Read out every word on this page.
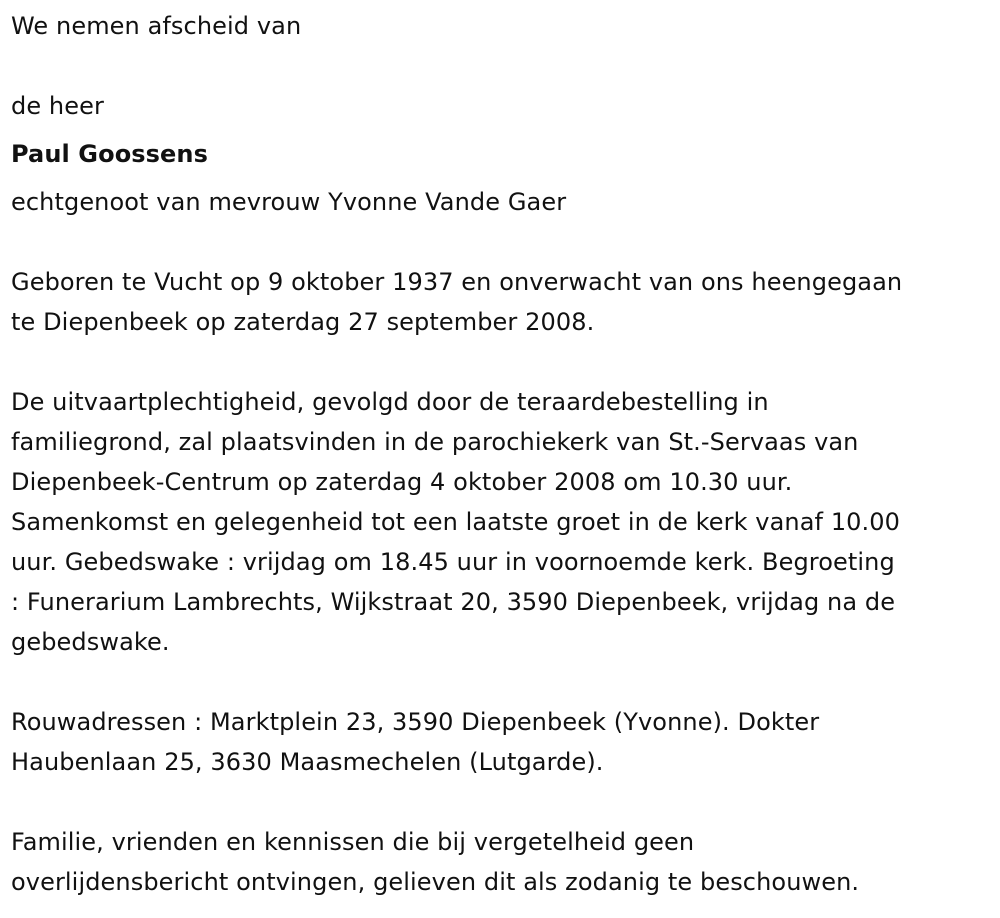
We nemen afscheid van
de heer
Paul Goossens
echtgenoot van mevrouw Yvonne Vande Gaer
Geboren te Vucht op 9 oktober 1937 en onverwacht van ons heengegaan
te Diepenbeek op zaterdag 27 september 2008.
De uitvaartplechtigheid, gevolgd door de teraardebestelling in
familiegrond, zal plaatsvinden in de parochiekerk van St.-Servaas van
Diepenbeek-Centrum op zaterdag 4 oktober 2008 om 10.30 uur.
Samenkomst en gelegenheid tot een laatste groet in de kerk vanaf 10.00
uur. Gebedswake : vrijdag om 18.45 uur in voornoemde kerk. Begroeting
: Funerarium Lambrechts, Wijkstraat 20, 3590 Diepenbeek, vrijdag na de
gebedswake.
Rouwadressen : Marktplein 23, 3590 Diepenbeek (Yvonne). Dokter
Haubenlaan 25, 3630 Maasmechelen (Lutgarde).
Familie, vrienden en kennissen die bij vergetelheid geen
overlijdensbericht ontvingen, gelieven dit als zodanig te beschouwen.
